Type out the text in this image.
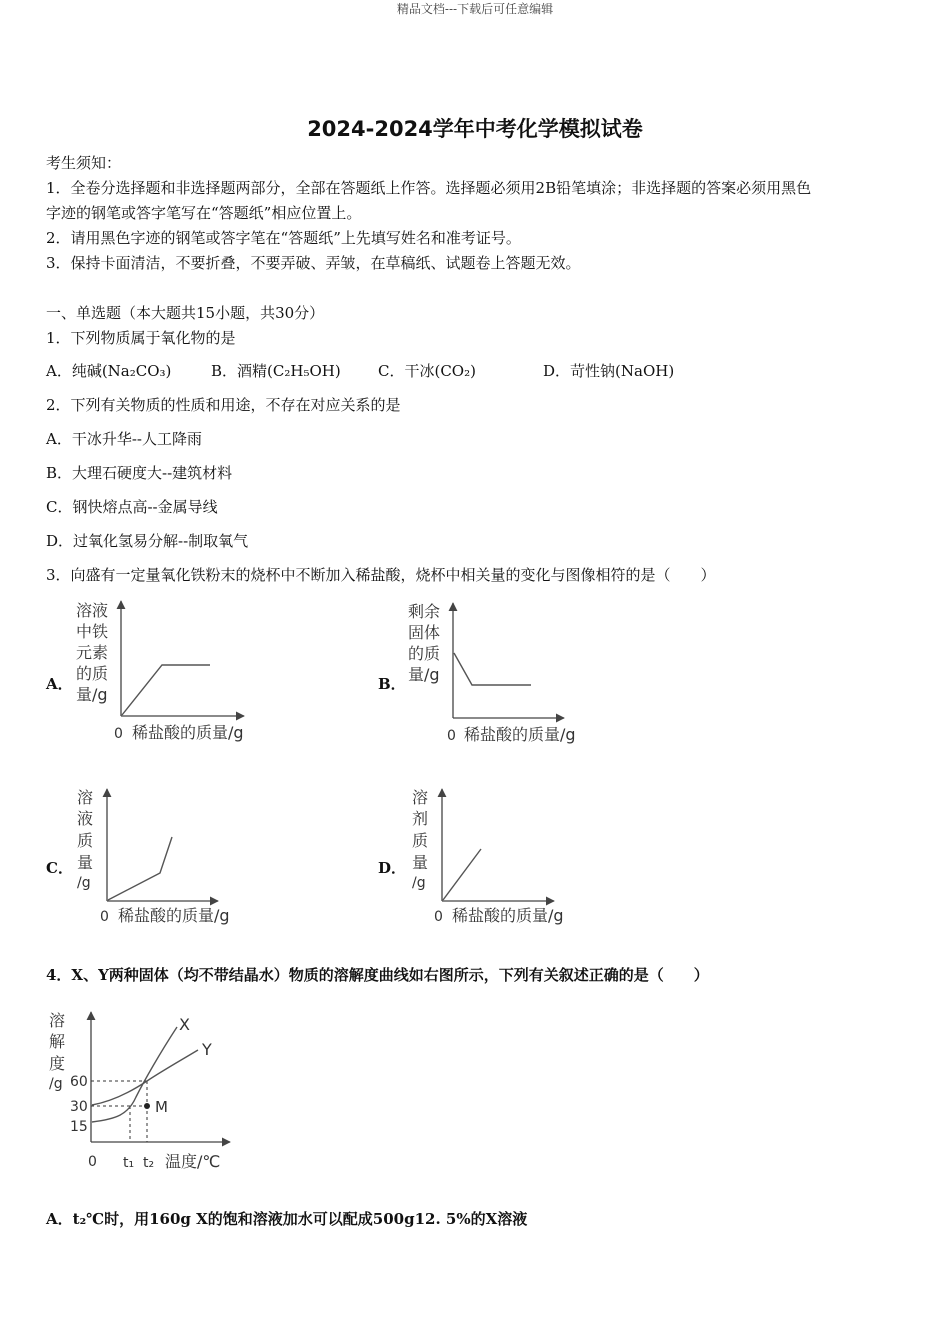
精品文档---下载后可任意编辑
2024-2024学年中考化学模拟试卷
考生须知：
1．全卷分选择题和非选择题两部分，全部在答题纸上作答。选择题必须用2B铅笔填涂；非选择题的答案必须用黑色
字迹的钢笔或答字笔写在“答题纸”相应位置上。
2．请用黑色字迹的钢笔或答字笔在“答题纸”上先填写姓名和准考证号。
3．保持卡面清洁，不要折叠，不要弄破、弄皱，在草稿纸、试题卷上答题无效。
一、单选题（本大题共15小题，共30分）
1．下列物质属于氧化物的是
A．纯碱(Na₂CO₃)	B．酒精(C₂H₅OH) C．干冰(CO₂)	D．苛性钠(NaOH)
2．下列有关物质的性质和用途，不存在对应关系的是
A．干冰升华--人工降雨
B．大理石硬度大--建筑材料
C．钢快熔点高--金属导线
D．过氧化氢易分解--制取氧气
3．向盛有一定量氧化铁粉末的烧杯中不断加入稀盐酸，烧杯中相关量的变化与图像相符的是（　　）
A．
溶液
中铁
元素
的质
量/g
0 稀盐酸的质量/g
B．
剩余
固体
的质
量/g
0 稀盐酸的质量/g
C．
溶
液
质
量
/g
0 稀盐酸的质量/g
D．
溶
剂
质
量
/g
0 稀盐酸的质量/g
4．X、Y两种固体（均不带结晶水）物质的溶解度曲线如右图所示，下列有关叙述正确的是（　　）
溶
解
度
/g 60
30
15
M
X
Y
0 t₁ t₂ 温度/℃
A．t₂℃时，用160g X的饱和溶液加水可以配成500g12. 5%的X溶液
